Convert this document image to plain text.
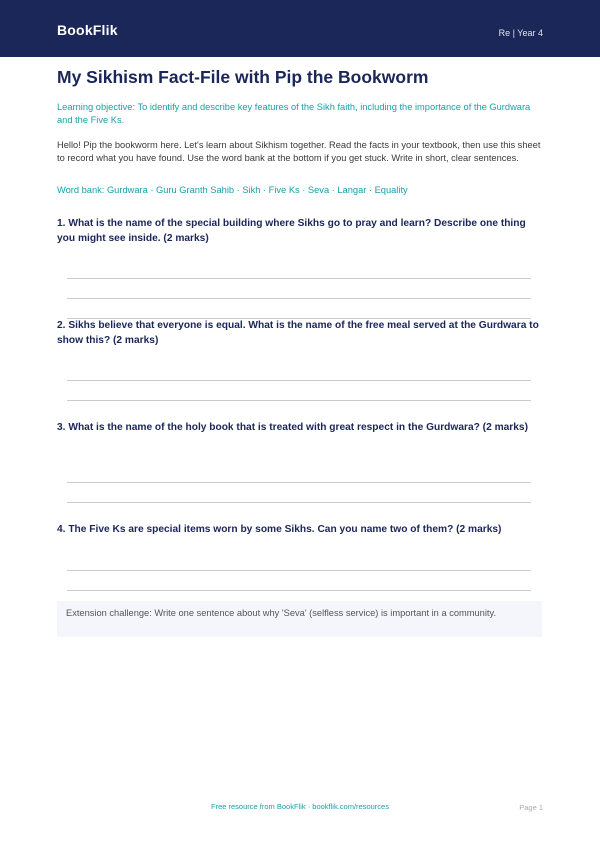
BookFlik	Re | Year 4
My Sikhism Fact-File with Pip the Bookworm
Learning objective: To identify and describe key features of the Sikh faith, including the importance of the Gurdwara and the Five Ks.
Hello! Pip the bookworm here. Let's learn about Sikhism together. Read the facts in your textbook, then use this sheet to record what you have found. Use the word bank at the bottom if you get stuck. Write in short, clear sentences.
Word bank: Gurdwara · Guru Granth Sahib · Sikh · Five Ks · Seva · Langar · Equality
1. What is the name of the special building where Sikhs go to pray and learn? Describe one thing you might see inside. (2 marks)
2. Sikhs believe that everyone is equal. What is the name of the free meal served at the Gurdwara to show this? (2 marks)
3. What is the name of the holy book that is treated with great respect in the Gurdwara? (2 marks)
4. The Five Ks are special items worn by some Sikhs. Can you name two of them? (2 marks)
Extension challenge: Write one sentence about why 'Seva' (selfless service) is important in a community.
Free resource from BookFlik · bookflik.com/resources	Page 1
